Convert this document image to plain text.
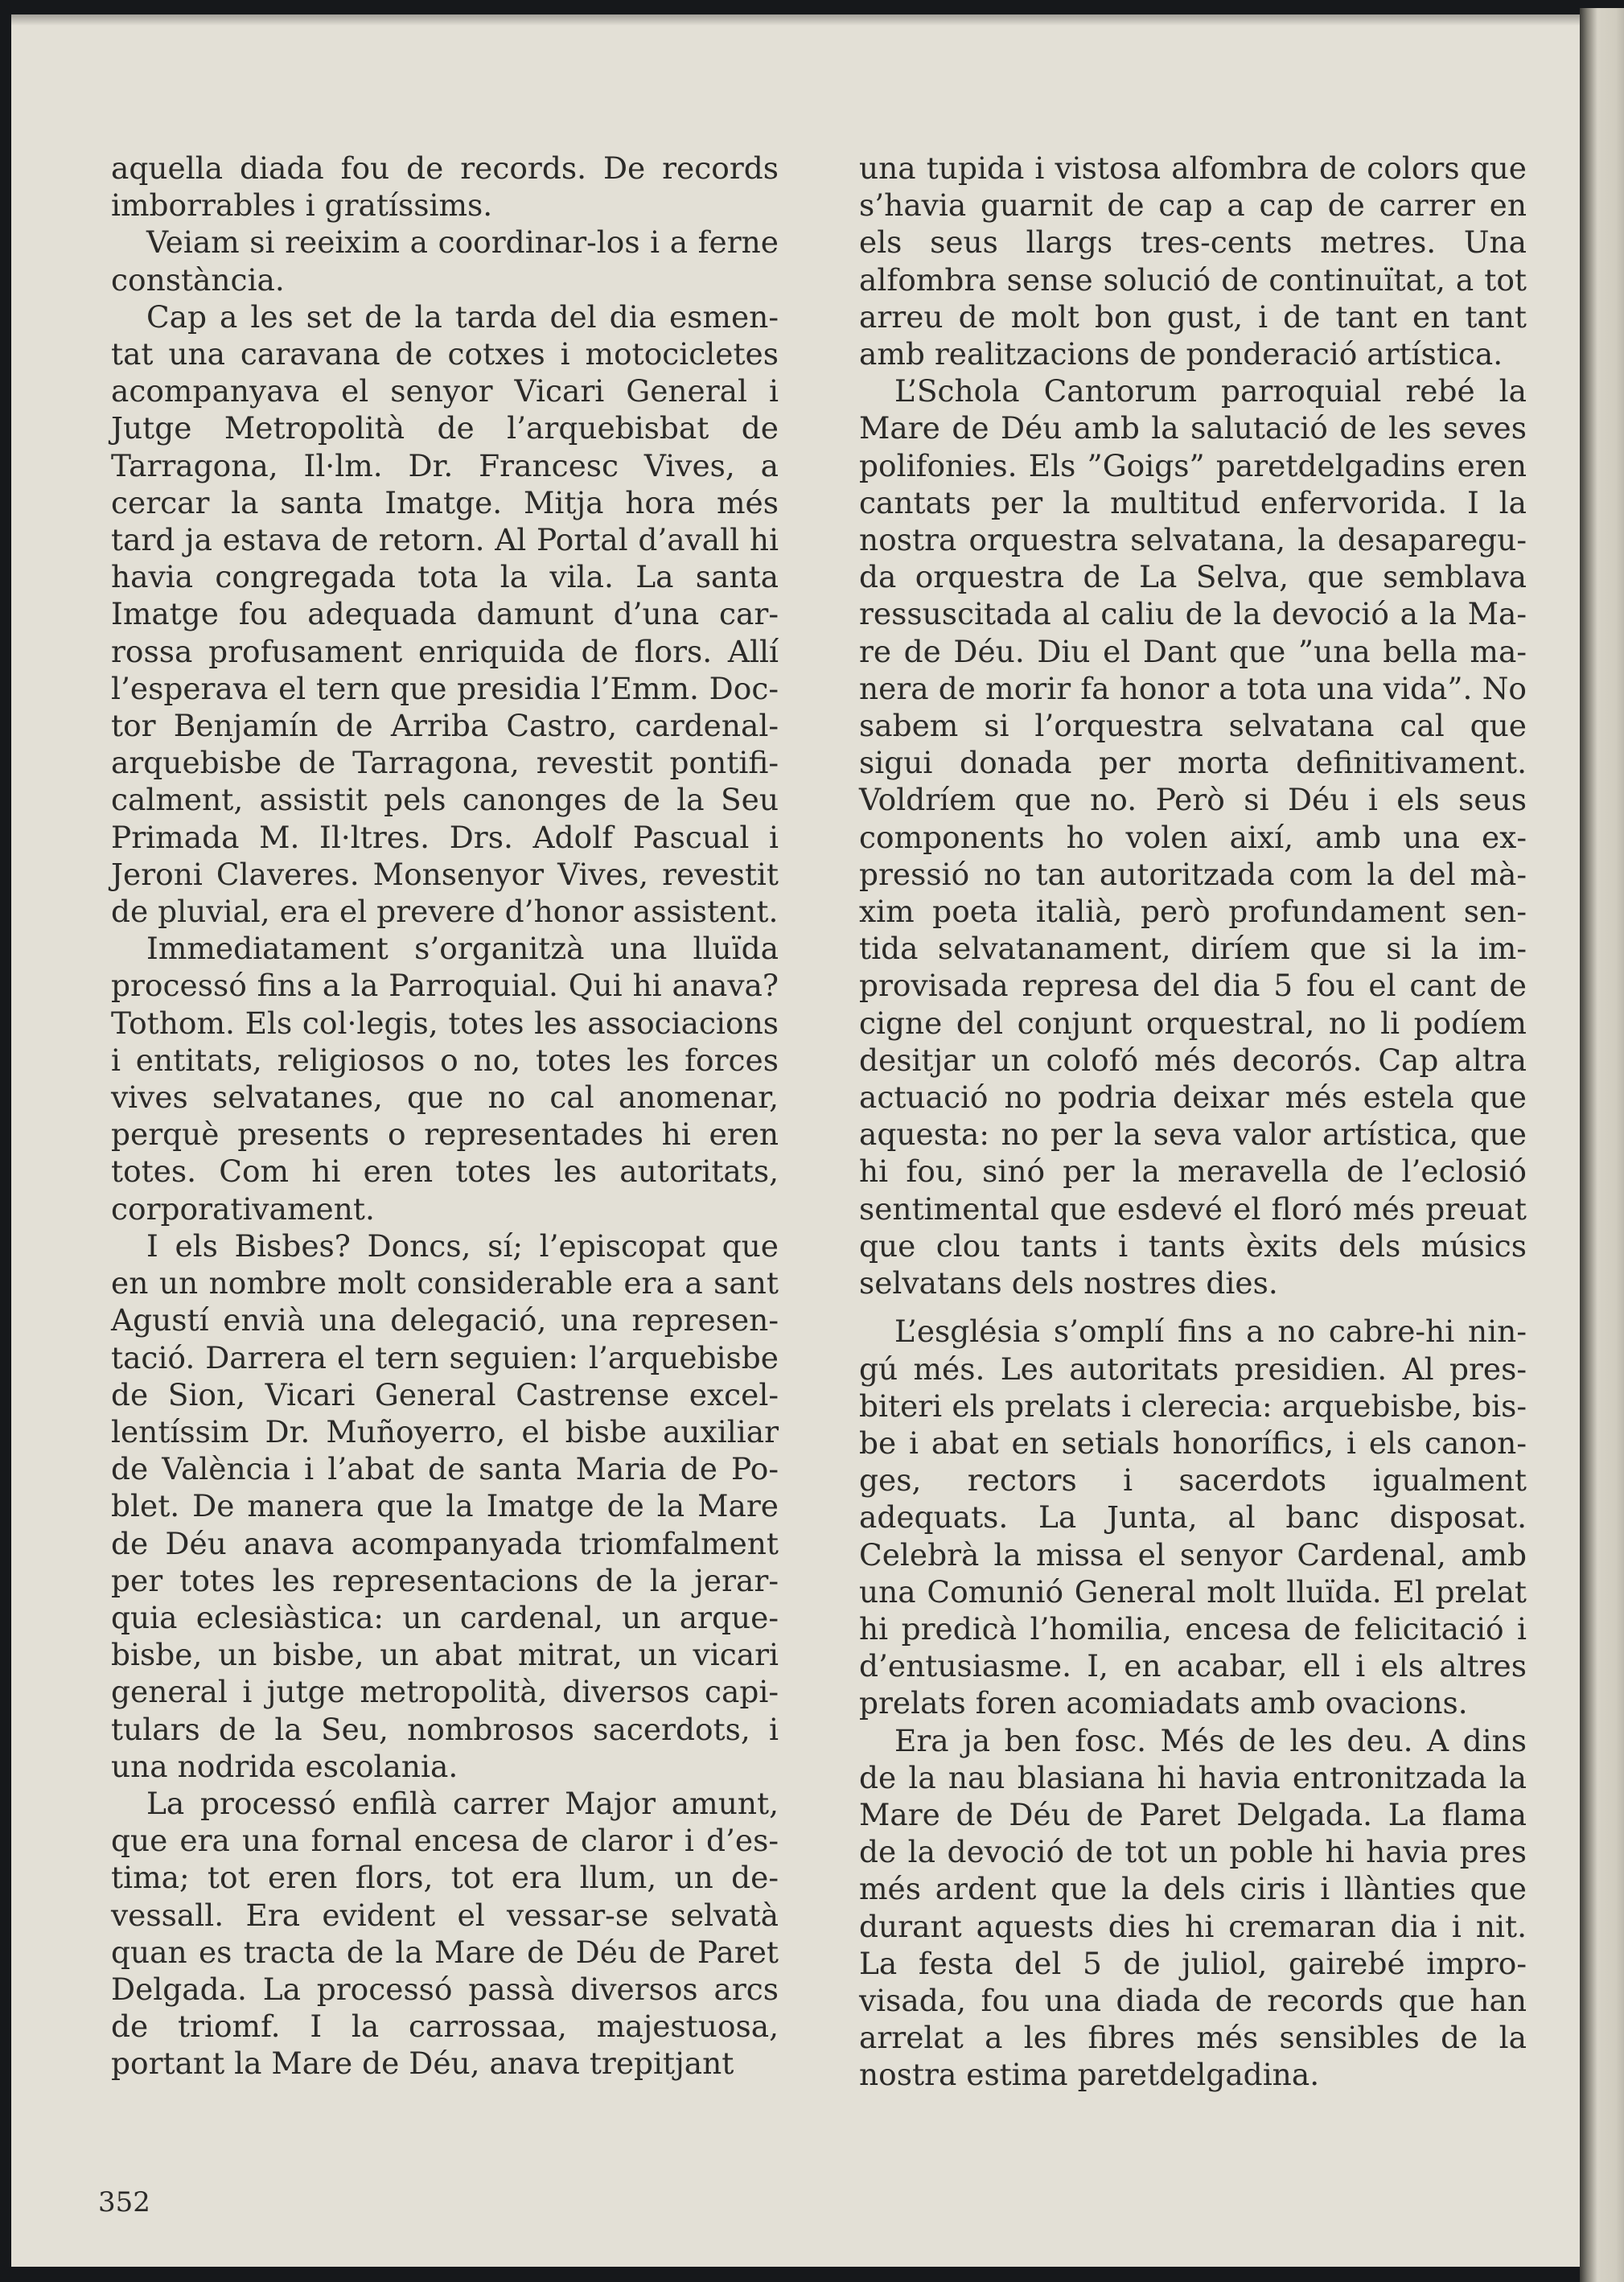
aquella diada fou de records. De records imborrables i gratíssims.

Veiam si reeixim a coordinar-los i a ferne constància.

Cap a les set de la tarda del dia esmentat una caravana de cotxes i motocicletes acompanyava el senyor Vicari General i Jutge Metropolità de l’arquebisbat de Tarragona, Il·lm. Dr. Francesc Vives, a cercar la santa Imatge. Mitja hora més tard ja estava de retorn. Al Portal d’avall hi havia congregada tota la vila. La santa Imatge fou adequada damunt d’una carrossa profusament enriquida de flors. Allí l’esperava el tern que presidia l’Emm. Doctor Benjamín de Arriba Castro, cardenal-arquebisbe de Tarragona, revestit pontificalment, assistit pels canonges de la Seu Primada M. Il·ltres. Drs. Adolf Pascual i Jeroni Claveres. Monsenyor Vives, revestit de pluvial, era el prevere d’honor assistent.

Immediatament s’organitzà una lluïda processó fins a la Parroquial. Qui hi anava? Tothom. Els col·legis, totes les associacions i entitats, religiosos o no, totes les forces vives selvatanes, que no cal anomenar, perquè presents o representades hi eren totes. Com hi eren totes les autoritats, corporativament.

I els Bisbes? Doncs, sí; l’episcopat que en un nombre molt considerable era a sant Agustí envià una delegació, una representació. Darrera el tern seguien: l’arquebisbe de Sion, Vicari General Castrense excellentíssim Dr. Muñoyerro, el bisbe auxiliar de València i l’abat de santa Maria de Poblet. De manera que la Imatge de la Mare de Déu anava acompanyada triomfalment per totes les representacions de la jerarquia eclesiàstica: un cardenal, un arquebisbe, un bisbe, un abat mitrat, un vicari general i jutge metropolità, diversos capitulars de la Seu, nombrosos sacerdots, i una nodrida escolania.

La processó enfilà carrer Major amunt, que era una fornal encesa de claror i d’estima; tot eren flors, tot era llum, un devessall. Era evident el vessar-se selvatà quan es tracta de la Mare de Déu de Paret Delgada. La processó passà diversos arcs de triomf. I la carrossaa, majestuosa, portant la Mare de Déu, anava trepitjant

una tupida i vistosa alfombra de colors que s’havia guarnit de cap a cap de carrer en els seus llargs tres-cents metres. Una alfombra sense solució de continuïtat, a tot arreu de molt bon gust, i de tant en tant amb realitzacions de ponderació artística.

L’Schola Cantorum parroquial rebé la Mare de Déu amb la salutació de les seves polifonies. Els ”Goigs” paretdelgadins eren cantats per la multitud enfervorida. I la nostra orquestra selvatana, la desapareguda orquestra de La Selva, que semblava ressuscitada al caliu de la devoció a la Mare de Déu. Diu el Dant que ”una bella manera de morir fa honor a tota una vida”. No sabem si l’orquestra selvatana cal que sigui donada per morta definitivament. Voldríem que no. Però si Déu i els seus components ho volen així, amb una expressió no tan autoritzada com la del màxim poeta italià, però profundament sentida selvatanament, diríem que si la improvisada represa del dia 5 fou el cant de cigne del conjunt orquestral, no li podíem desitjar un colofó més decorós. Cap altra actuació no podria deixar més estela que aquesta: no per la seva valor artística, que hi fou, sinó per la meravella de l’eclosió sentimental que esdevé el floró més preuat que clou tants i tants èxits dels músics selvatans dels nostres dies.

L’església s’omplí fins a no cabre-hi ningú més. Les autoritats presidien. Al presbiteri els prelats i clerecia: arquebisbe, bisbe i abat en setials honorífics, i els canonges, rectors i sacerdots igualment adequats. La Junta, al banc disposat. Celebrà la missa el senyor Cardenal, amb una Comunió General molt lluïda. El prelat hi predicà l’homilia, encesa de felicitació i d’entusiasme. I, en acabar, ell i els altres prelats foren acomiadats amb ovacions.

Era ja ben fosc. Més de les deu. A dins de la nau blasiana hi havia entronitzada la Mare de Déu de Paret Delgada. La flama de la devoció de tot un poble hi havia pres més ardent que la dels ciris i llànties que durant aquests dies hi cremaran dia i nit. La festa del 5 de juliol, gairebé improvisada, fou una diada de records que han arrelat a les fibres més sensibles de la nostra estima paretdelgadina.

352
